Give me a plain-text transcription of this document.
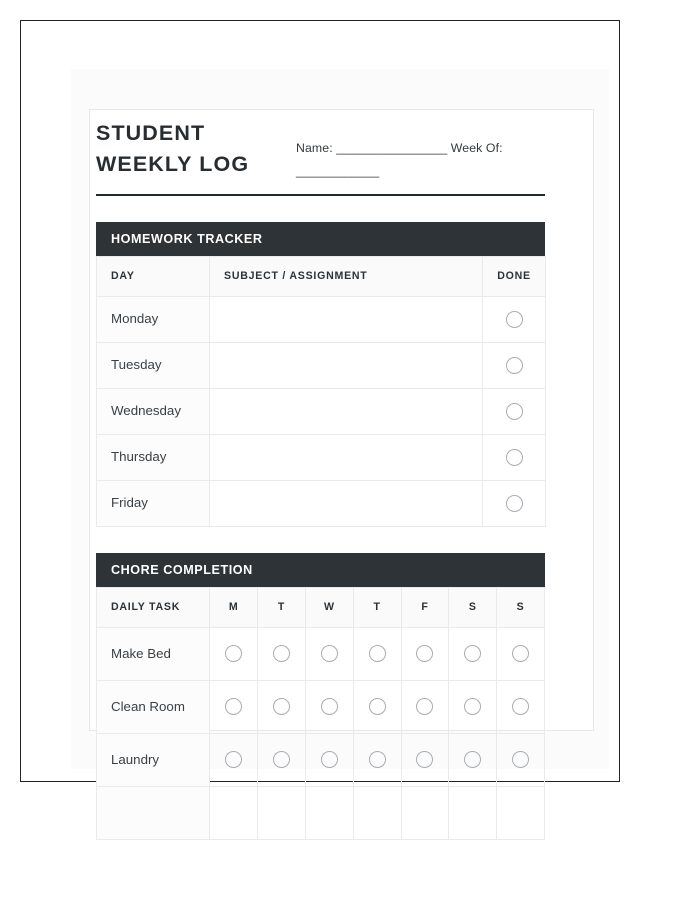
STUDENT
WEEKLY LOG
Name: ________________ Week Of: ____________
HOMEWORK TRACKER
DAY	SUBJECT / ASSIGNMENT	DONE
Monday		
Tuesday		
Wednesday		
Thursday		
Friday		
CHORE COMPLETION
DAILY TASK	M	T	W	T	F	S	S
Make Bed							
Clean Room							
Laundry							
